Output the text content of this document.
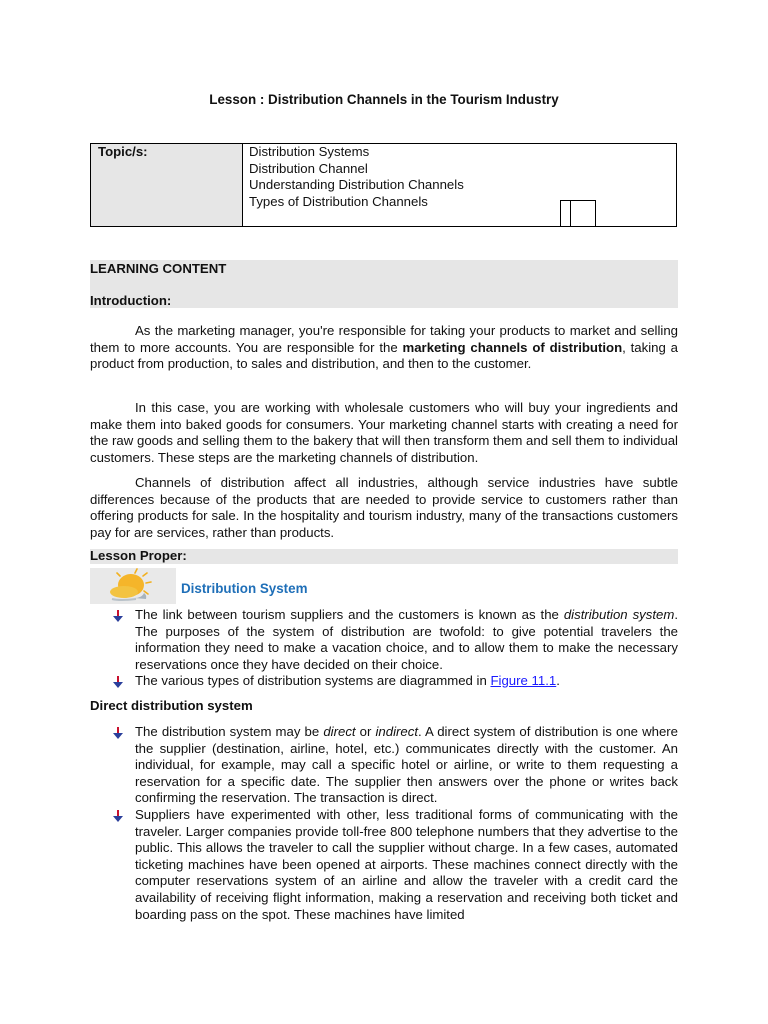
Lesson : Distribution Channels in the Tourism Industry
Topic/s:	Distribution Systems
Distribution Channel
Understanding Distribution Channels
Types of Distribution Channels
LEARNING CONTENT
Introduction:

As the marketing manager, you're responsible for taking your products to market and selling them to more accounts. You are responsible for the marketing channels of distribution, taking a product from production, to sales and distribution, and then to the customer.

In this case, you are working with wholesale customers who will buy your ingredients and make them into baked goods for consumers. Your marketing channel starts with creating a need for the raw goods and selling them to the bakery that will then transform them and sell them to individual customers. These steps are the marketing channels of distribution.

Channels of distribution affect all industries, although service industries have subtle differences because of the products that are needed to provide service to customers rather than offering products for sale. In the hospitality and tourism industry, many of the transactions customers pay for are services, rather than products.

Lesson Proper:
Distribution System
The link between tourism suppliers and the customers is known as the distribution system. The purposes of the system of distribution are twofold: to give potential travelers the information they need to make a vacation choice, and to allow them to make the necessary reservations once they have decided on their choice.
The various types of distribution systems are diagrammed in Figure 11.1.
Direct distribution system
The distribution system may be direct or indirect. A direct system of distribution is one where the supplier (destination, airline, hotel, etc.) communicates directly with the customer. An individual, for example, may call a specific hotel or airline, or write to them requesting a reservation for a specific date. The supplier then answers over the phone or writes back confirming the reservation. The transaction is direct.
Suppliers have experimented with other, less traditional forms of communicating with the traveler. Larger companies provide toll-free 800 telephone numbers that they advertise to the public. This allows the traveler to call the supplier without charge. In a few cases, automated ticketing machines have been opened at airports. These machines connect directly with the computer reservations system of an airline and allow the traveler with a credit card the availability of receiving flight information, making a reservation and receiving both ticket and boarding pass on the spot. These machines have limited
